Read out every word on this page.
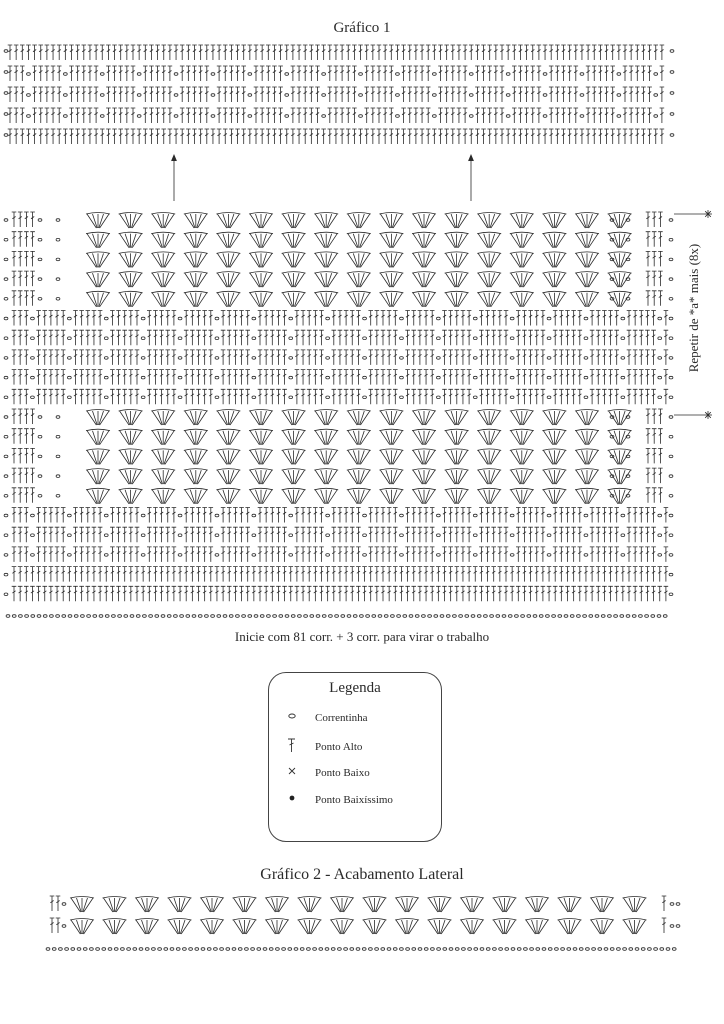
Gráfico 1
Inicie com 81 corr. + 3 corr. para virar o trabalho
Repetir de *a* mais (8x)
Legenda
Correntinha
Ponto Alto
Ponto Baixo
Ponto Baixíssimo
Gráfico 2 - Acabamento Lateral
